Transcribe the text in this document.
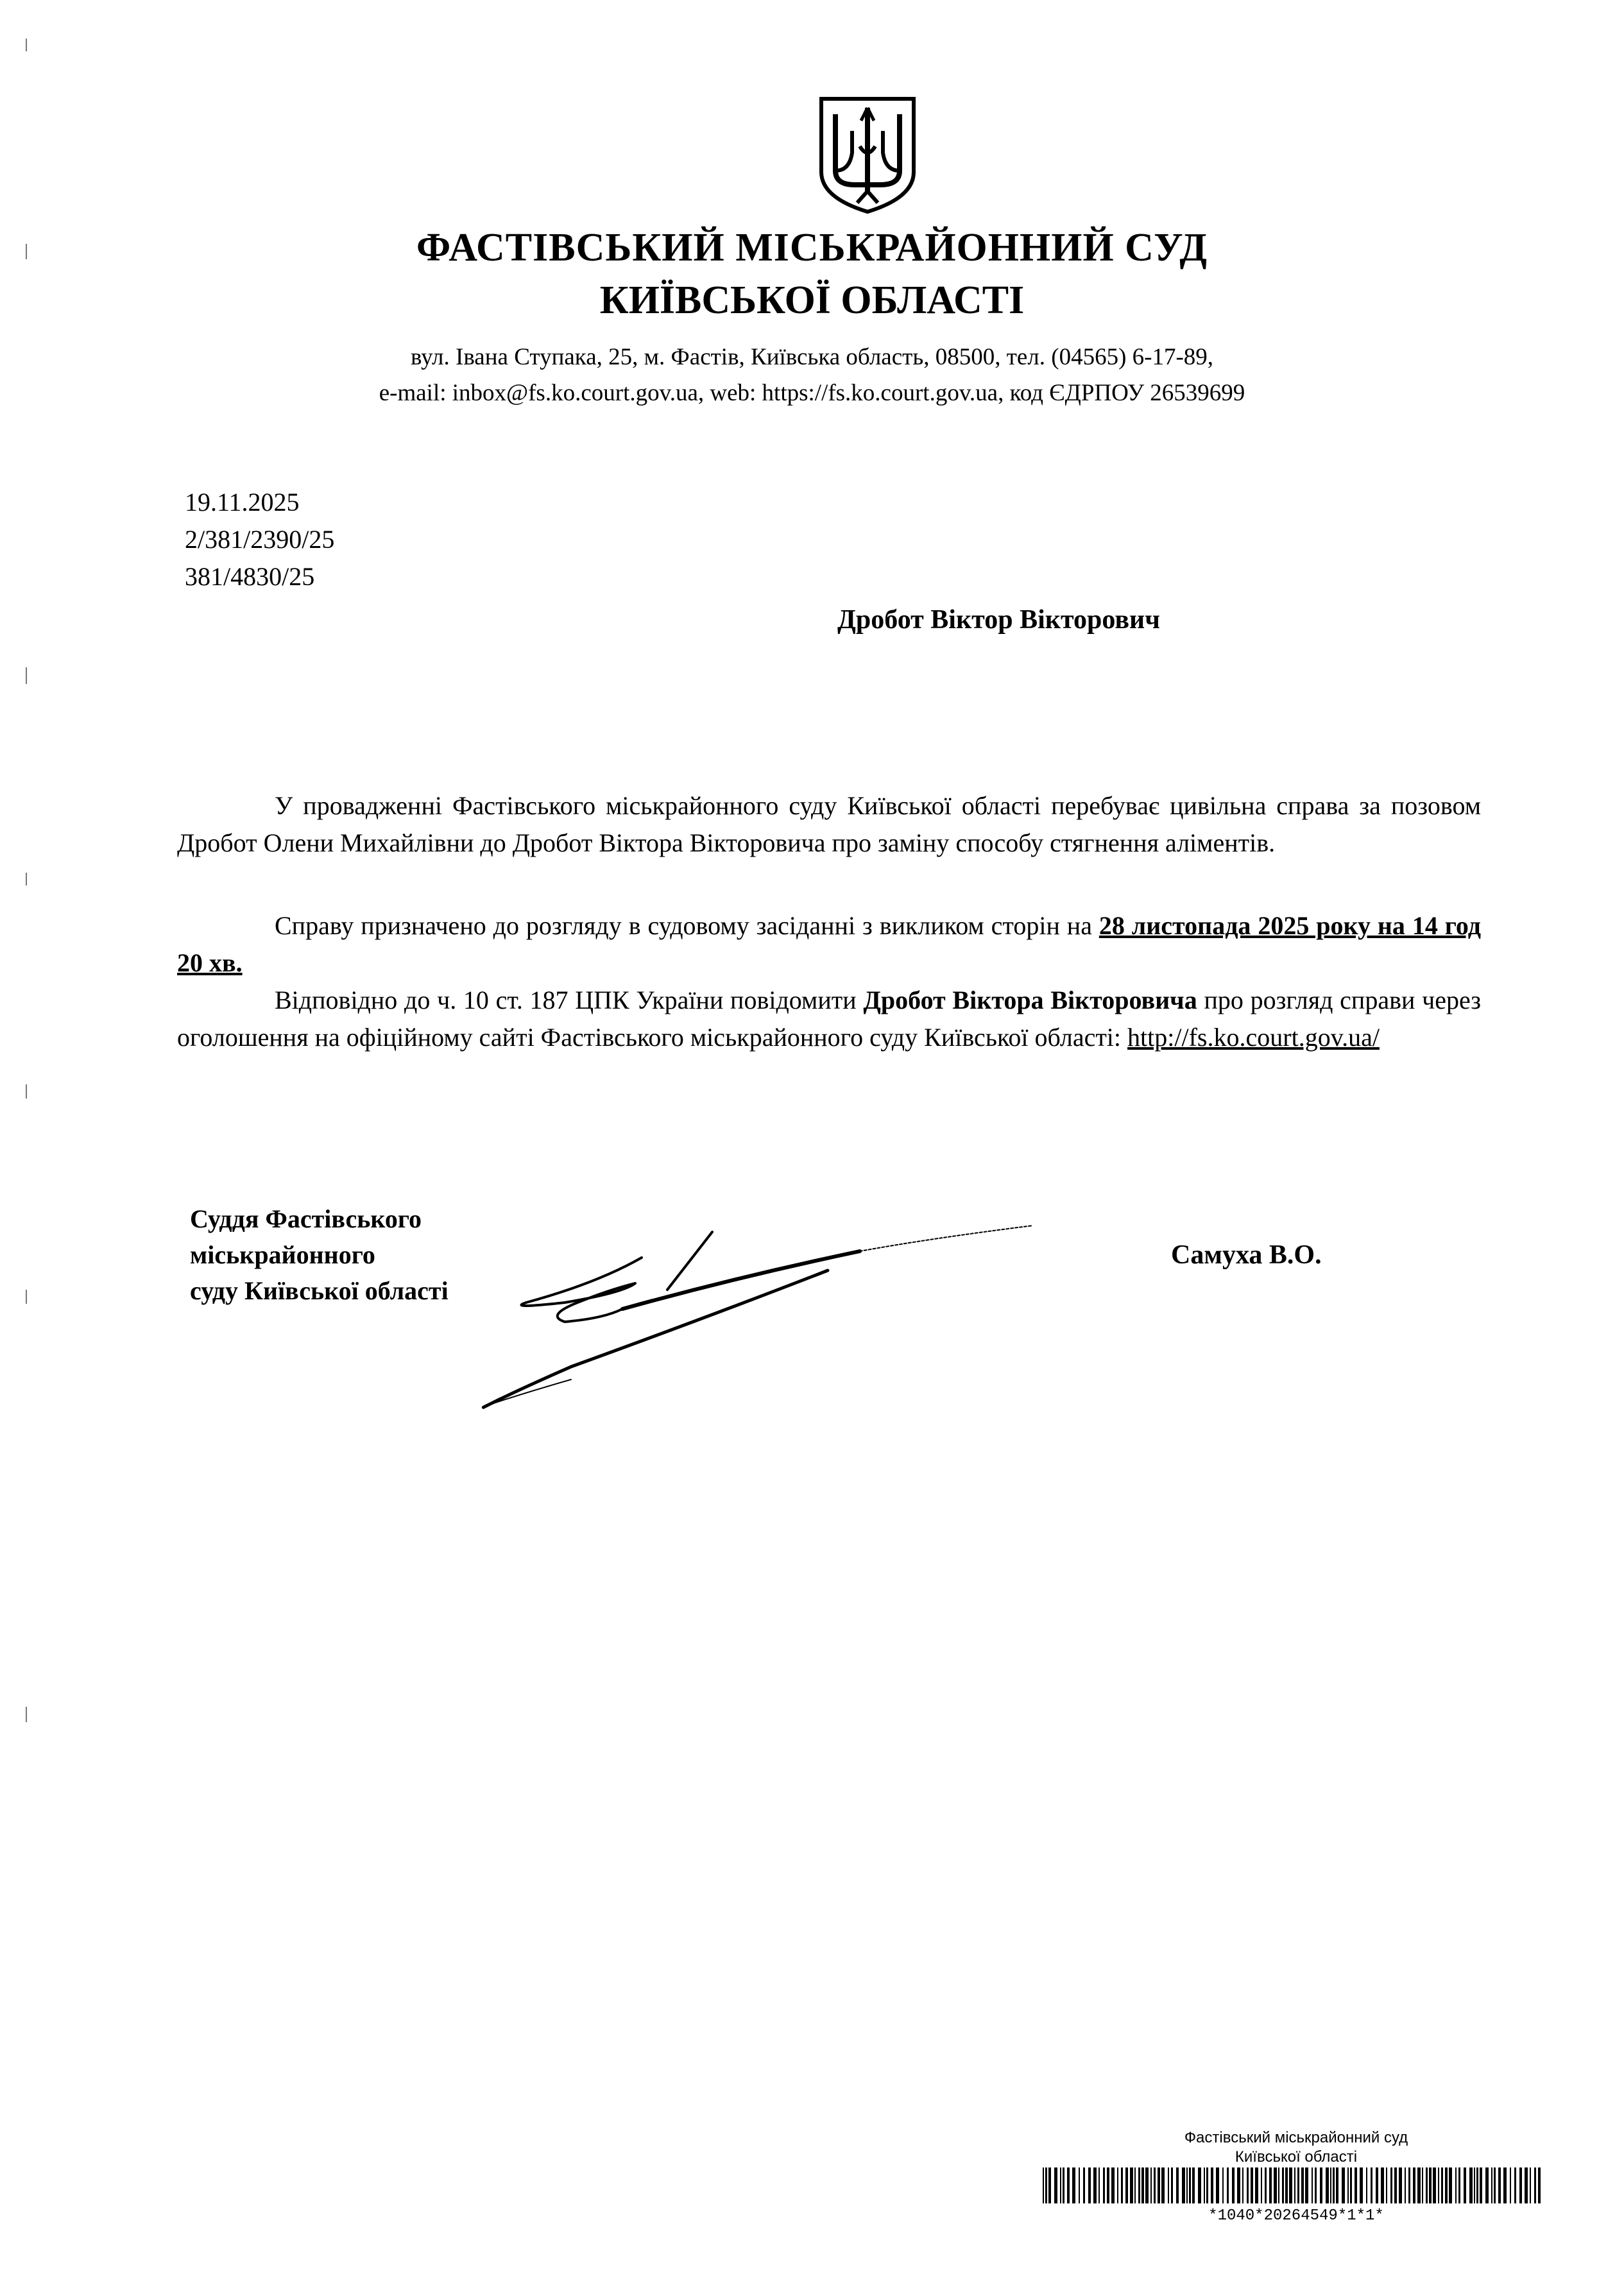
ФАСТІВСЬКИЙ МІСЬКРАЙОННИЙ СУД
КИЇВСЬКОЇ ОБЛАСТІ
вул. Івана Ступака, 25, м. Фастів, Київська область, 08500, тел. (04565) 6-17-89,
e-mail: inbox@fs.ko.court.gov.ua, web: https://fs.ko.court.gov.ua, код ЄДРПОУ 26539699
19.11.2025
2/381/2390/25
381/4830/25
Дробот Віктор Вікторович
У провадженні Фастівського міськрайонного суду Київської області перебуває цивільна справа за позовом Дробот Олени Михайлівни до Дробот Віктора Вікторовича про заміну способу стягнення аліментів.
Справу призначено до розгляду в судовому засіданні з викликом сторін на 28 листопада 2025 року на 14 год 20 хв.
Відповідно до ч. 10 ст. 187 ЦПК України повідомити Дробот Віктора Вікторовича про розгляд справи через оголошення на офіційному сайті Фастівського міськрайонного суду Київської області: http://fs.ko.court.gov.ua/
Суддя Фастівського
міськрайонного
суду Київської області
Самуха В.О.
Фастівський міськрайонний суд
Київської області
*1040*20264549*1*1*
